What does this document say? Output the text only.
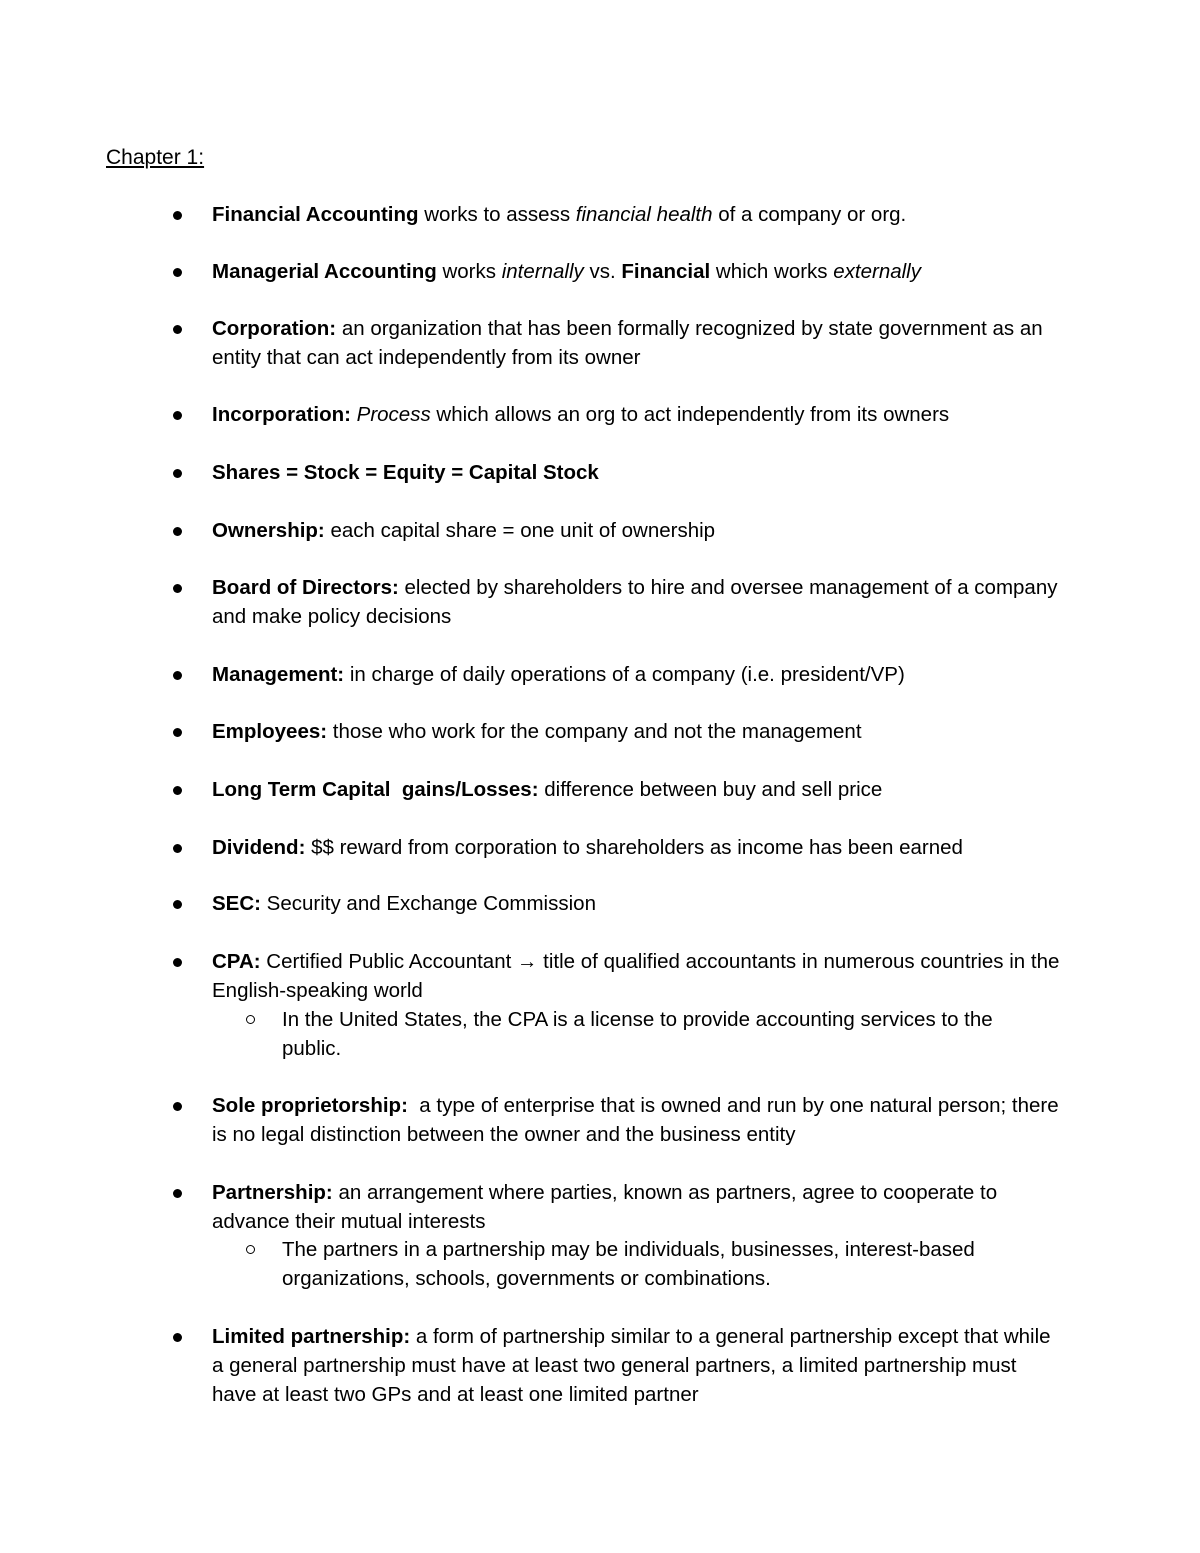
Chapter 1:
Financial Accounting works to assess financial health of a company or org.
Managerial Accounting works internally vs. Financial which works externally
Corporation: an organization that has been formally recognized by state government as an entity that can act independently from its owner
Incorporation: Process which allows an org to act independently from its owners
Shares = Stock = Equity = Capital Stock
Ownership: each capital share = one unit of ownership
Board of Directors: elected by shareholders to hire and oversee management of a company and make policy decisions
Management: in charge of daily operations of a company (i.e. president/VP)
Employees: those who work for the company and not the management
Long Term Capital  gains/Losses: difference between buy and sell price
Dividend: $$ reward from corporation to shareholders as income has been earned
SEC: Security and Exchange Commission
CPA: Certified Public Accountant → title of qualified accountants in numerous countries in the English-speaking world
In the United States, the CPA is a license to provide accounting services to the public.
Sole proprietorship:  a type of enterprise that is owned and run by one natural person; there is no legal distinction between the owner and the business entity
Partnership: an arrangement where parties, known as partners, agree to cooperate to advance their mutual interests
The partners in a partnership may be individuals, businesses, interest-based organizations, schools, governments or combinations.
Limited partnership: a form of partnership similar to a general partnership except that while a general partnership must have at least two general partners, a limited partnership must have at least two GPs and at least one limited partner
